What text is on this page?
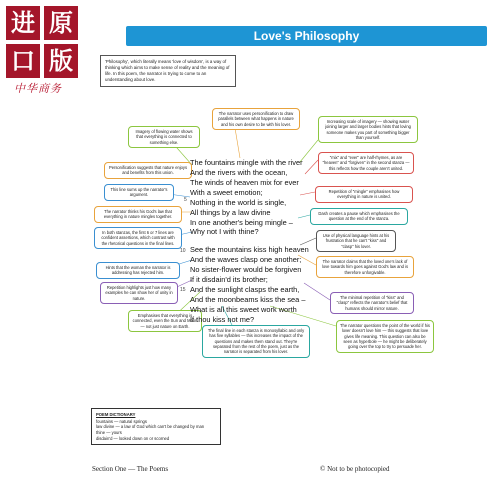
进 原
口 版
中华商务
Love's Philosophy
'Philosophy', which literally means 'love of wisdom', is a way of thinking which aims to make sense of reality and the meaning of life. In this poem, the narrator is trying to come to an understanding about love.
The narrator uses personification to draw parallels between what happens in nature and his own desire to be with his lover.
Imagery of flowing water shows that everything is connected to something else.
Increasing scale of imagery — showing water joining larger and larger bodies hints that loving someone makes you part of something bigger than yourself.
"mix" and "ever" are half-rhymes, as are "heaven" and "forgiven" in the second stanza — this reflects how the couple aren't united.
Personification suggests that nature enjoys and benefits from this union.
Repetition of "mingle" emphasises how everything in nature is united.
This line sums up the narrator's argument.
The narrator thinks his God's law that everything in nature mingles together.
Dash creates a pause which emphasises the question at the end of the stanza.
In both stanzas, the first 6 or 7 lines are confident assertions, which contrast with the rhetorical questions in the final lines.
Use of physical language hints at his frustration that he can't "kiss" and "clasp" his lover.
Hints that the woman the narrator is addressing has rejected him.
The narrator claims that the loved one's lack of love towards him goes against God's law and is therefore unforgivable.
Repetition highlights just how many examples he can show her of unity in nature.	The minimal repetition of "kiss" and "clasp" reflects the narrator's belief that humans should mirror nature.
Emphasises that everything is connected, even the Sun and Moon — not just nature on Earth.
The final line in each stanza is monosyllabic and only has five syllables — this increases the impact of the questions and makes them stand out. They're separated from the rest of the poem, just as the narrator is separated from his lover.
The narrator questions the point of the world if his lover doesn't love him — this suggests that love gives life meaning. This question can also be seen as hyperbole — he might be deliberately going over the top to try to persuade her.
The fountains mingle with the river
And the rivers with the ocean,
The winds of heaven mix for ever
With a sweet emotion;
Nothing in the world is single,
All things by a law divine
In one another's being mingle –
Why not I with thine?
See the mountains kiss high heaven
And the waves clasp one another;
No sister-flower would be forgiven
If it disdain'd its brother;
And the sunlight clasps the earth,
And the moonbeams kiss the sea –
What is all this sweet work worth
If thou kiss not me?
5
10
15
POEM DICTIONARY
fountains — natural springs
law divine — a law of God which can't be changed by man
thine — yours
disdain'd — looked down on or scorned
Section One — The Poems	© Not to be photocopied
